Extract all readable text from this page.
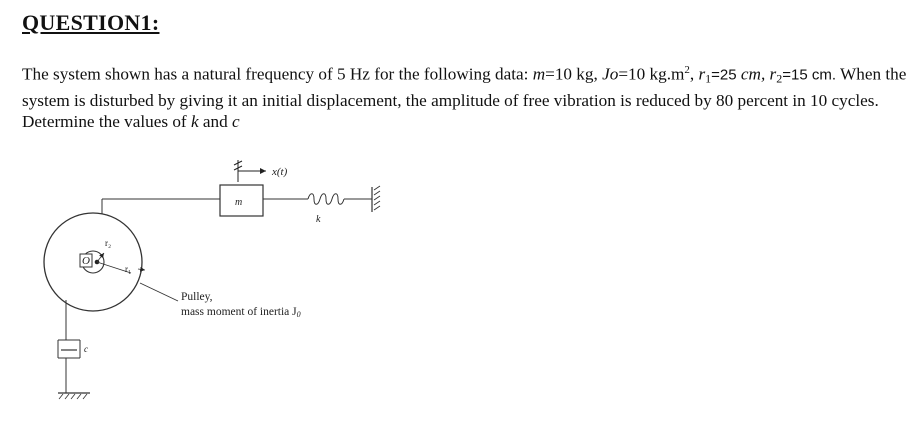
QUESTION1:
The system shown has a natural frequency of 5 Hz for the following data: m=10 kg, Jo=10 $kg.m^2$, $r_1=25$ cm, $r_2=15$ cm. When the system is disturbed by giving it an initial displacement, the amplitude of free vibration is reduced by 80 percent in 10 cycles. Determine the values of k and c
x(t)
m
k
O
r₂
r₁
c
Pulley,
mass moment of inertia J0
